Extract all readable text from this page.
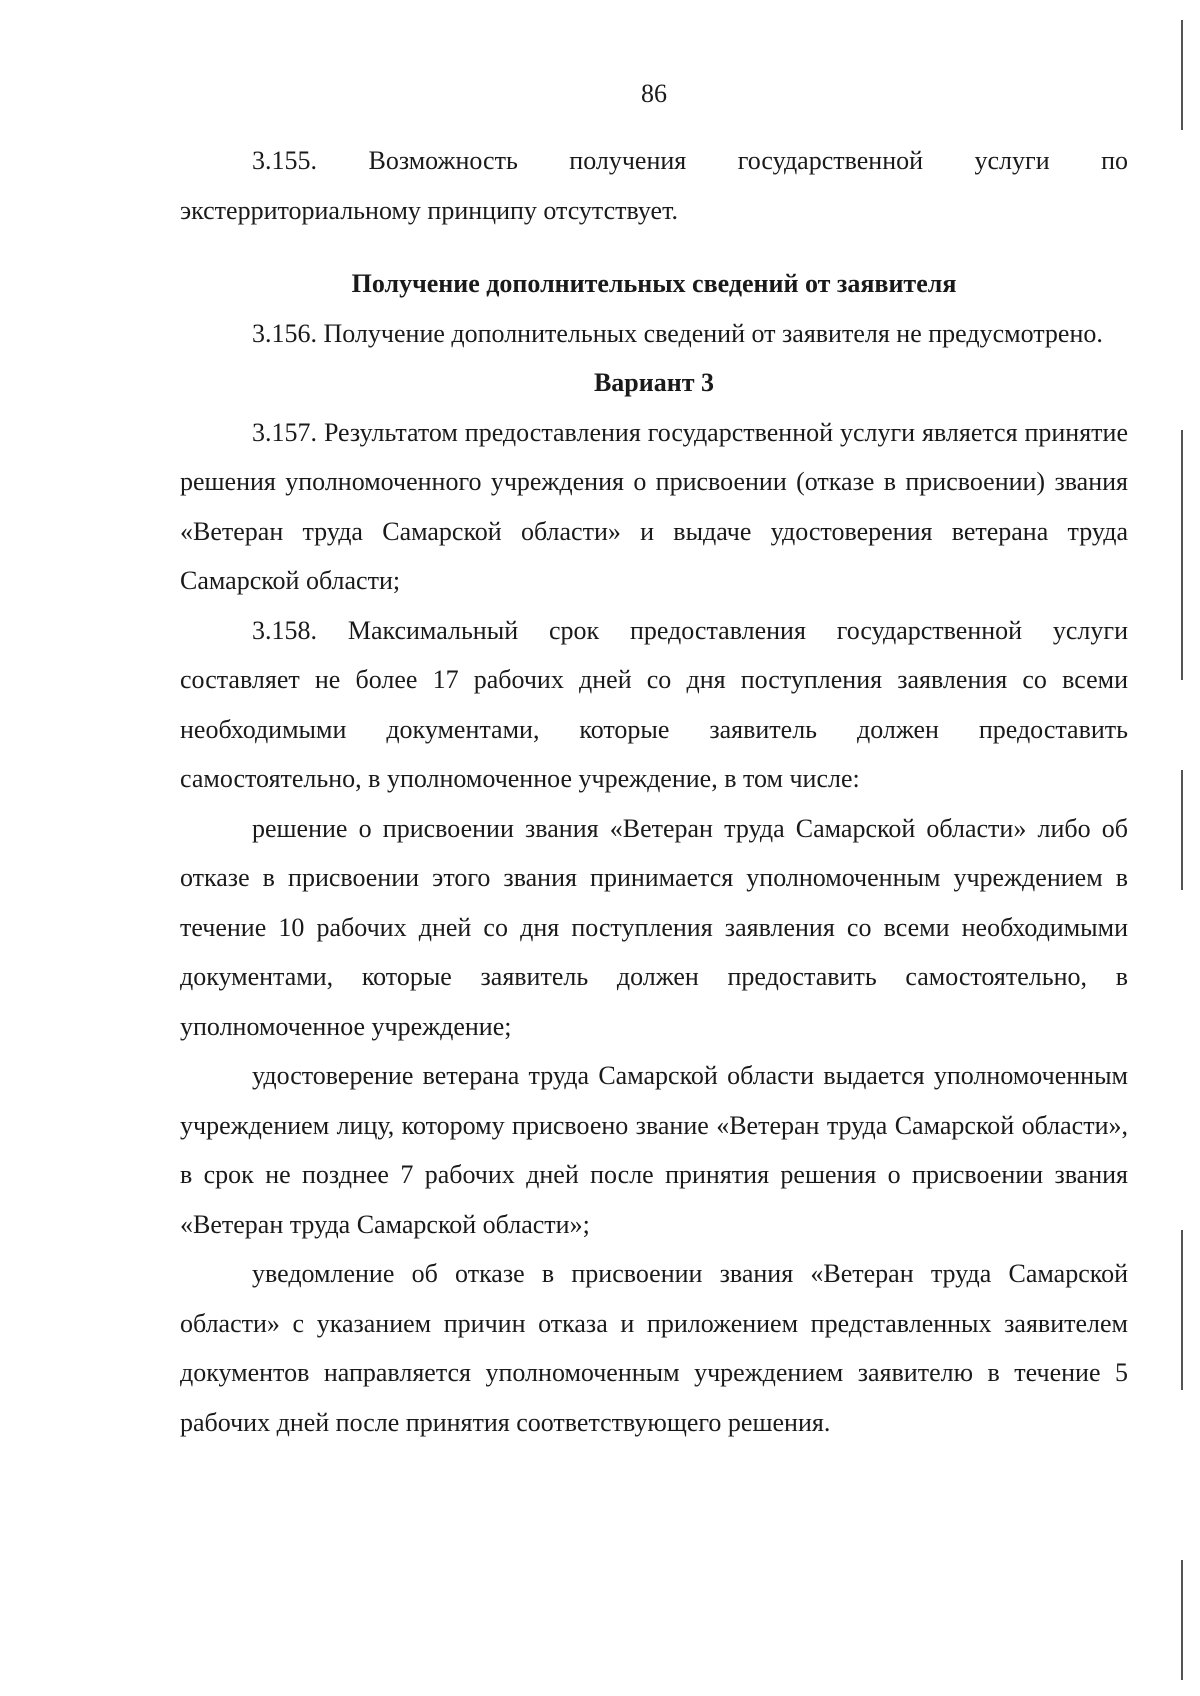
86

3.155. Возможность получения государственной услуги по экстерриториальному принципу отсутствует.

Получение дополнительных сведений от заявителя

3.156. Получение дополнительных сведений от заявителя не предусмотрено.

Вариант 3

3.157. Результатом предоставления государственной услуги является принятие решения уполномоченного учреждения о присвоении (отказе в присвоении) звания «Ветеран труда Самарской области» и выдаче удостоверения ветерана труда Самарской области;

3.158. Максимальный срок предоставления государственной услуги составляет не более 17 рабочих дней со дня поступления заявления со всеми необходимыми документами, которые заявитель должен предоставить самостоятельно, в уполномоченное учреждение, в том числе:

решение о присвоении звания «Ветеран труда Самарской области» либо об отказе в присвоении этого звания принимается уполномоченным учреждением в течение 10 рабочих дней со дня поступления заявления со всеми необходимыми документами, которые заявитель должен предоставить самостоятельно, в уполномоченное учреждение;

удостоверение ветерана труда Самарской области выдается уполномоченным учреждением лицу, которому присвоено звание «Ветеран труда Самарской области», в срок не позднее 7 рабочих дней после принятия решения о присвоении звания «Ветеран труда Самарской области»;

уведомление об отказе в присвоении звания «Ветеран труда Самарской области» с указанием причин отказа и приложением представленных заявителем документов направляется уполномоченным учреждением заявителю в течение 5 рабочих дней после принятия соответствующего решения.
